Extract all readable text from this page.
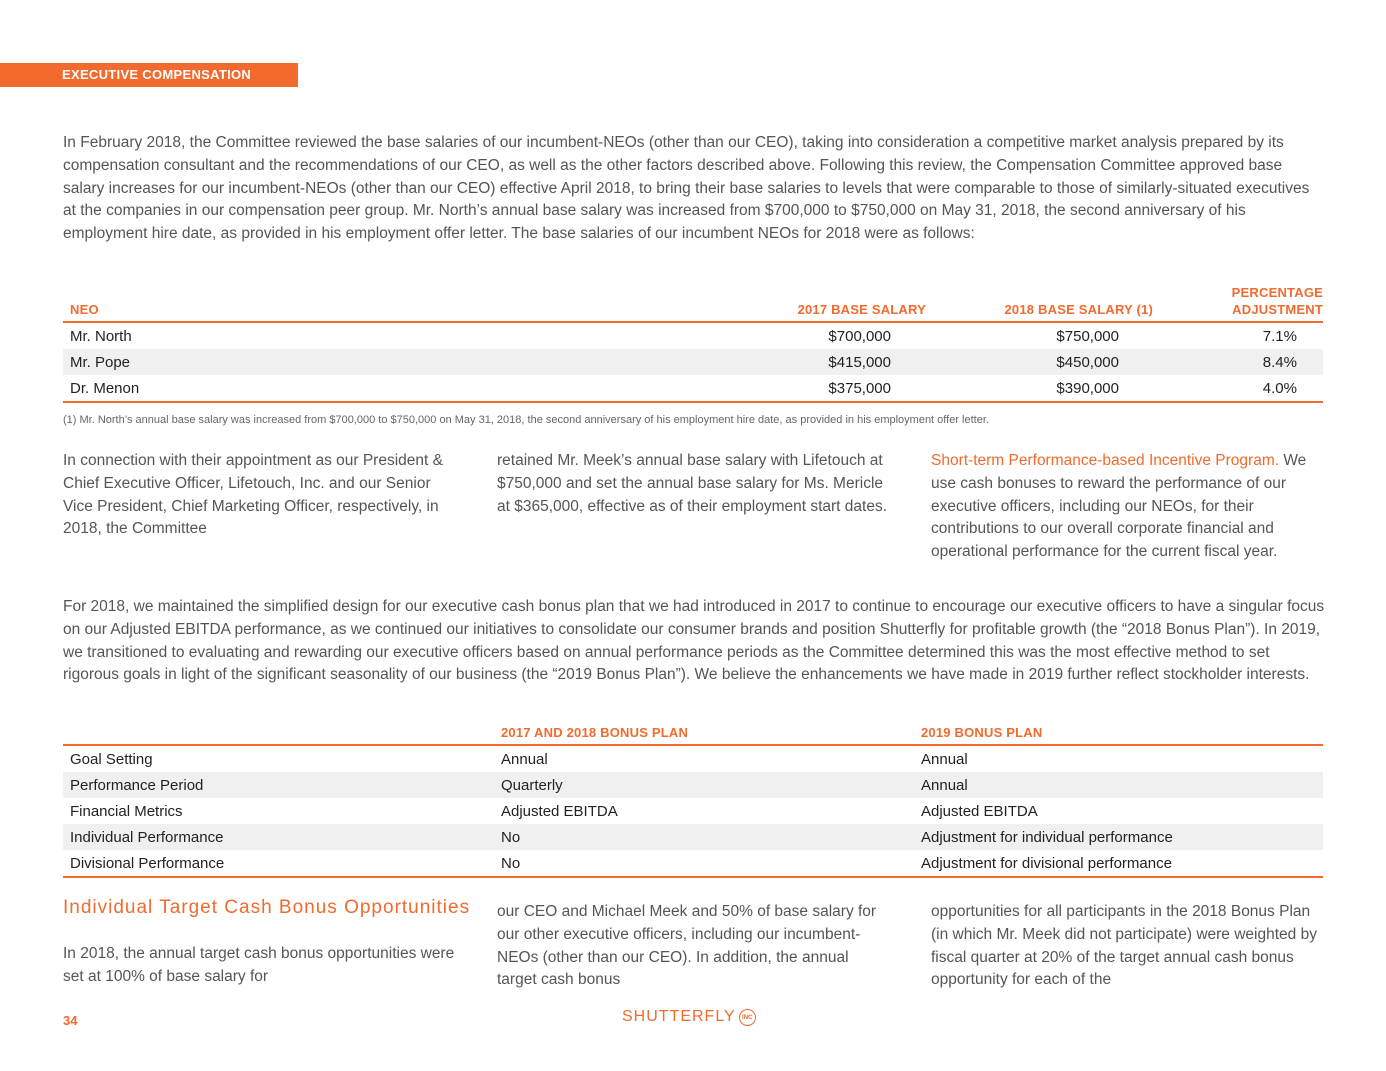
EXECUTIVE COMPENSATION

In February 2018, the Committee reviewed the base salaries of our incumbent-NEOs (other than our CEO), taking into consideration a competitive market analysis prepared by its compensation consultant and the recommendations of our CEO, as well as the other factors described above. Following this review, the Compensation Committee approved base salary increases for our incumbent-NEOs (other than our CEO) effective April 2018, to bring their base salaries to levels that were comparable to those of similarly-situated executives at the companies in our compensation peer group. Mr. North’s annual base salary was increased from $700,000 to $750,000 on May 31, 2018, the second anniversary of his employment hire date, as provided in his employment offer letter. The base salaries of our incumbent NEOs for 2018 were as follows:

NEO	2017 BASE SALARY	2018 BASE SALARY (1)	PERCENTAGE ADJUSTMENT
Mr. North	$700,000	$750,000	7.1%
Mr. Pope	$415,000	$450,000	8.4%
Dr. Menon	$375,000	$390,000	4.0%
(1) Mr. North’s annual base salary was increased from $700,000 to $750,000 on May 31, 2018, the second anniversary of his employment hire date, as provided in his employment offer letter.

In connection with their appointment as our President & Chief Executive Officer, Lifetouch, Inc. and our Senior Vice President, Chief Marketing Officer, respectively, in 2018, the Committee

retained Mr. Meek’s annual base salary with Lifetouch at $750,000 and set the annual base salary for Ms. Mericle at $365,000, effective as of their employment start dates.

Short-term Performance-based Incentive Program. We use cash bonuses to reward the performance of our executive officers, including our NEOs, for their contributions to our overall corporate financial and operational performance for the current fiscal year.

For 2018, we maintained the simplified design for our executive cash bonus plan that we had introduced in 2017 to continue to encourage our executive officers to have a singular focus on our Adjusted EBITDA performance, as we continued our initiatives to consolidate our consumer brands and position Shutterfly for profitable growth (the “2018 Bonus Plan”). In 2019, we transitioned to evaluating and rewarding our executive officers based on annual performance periods as the Committee determined this was the most effective method to set rigorous goals in light of the significant seasonality of our business (the “2019 Bonus Plan”). We believe the enhancements we have made in 2019 further reflect stockholder interests.

	2017 AND 2018 BONUS PLAN	2019 BONUS PLAN
Goal Setting	Annual	Annual
Performance Period	Quarterly	Annual
Financial Metrics	Adjusted EBITDA	Adjusted EBITDA
Individual Performance	No	Adjustment for individual performance
Divisional Performance	No	Adjustment for divisional performance
Individual Target Cash Bonus Opportunities

In 2018, the annual target cash bonus opportunities were set at 100% of base salary for

our CEO and Michael Meek and 50% of base salary for our other executive officers, including our incumbent-NEOs (other than our CEO). In addition, the annual target cash bonus

opportunities for all participants in the 2018 Bonus Plan (in which Mr. Meek did not participate) were weighted by fiscal quarter at 20% of the target annual cash bonus opportunity for each of the

34	SHUTTERFLY	INC
